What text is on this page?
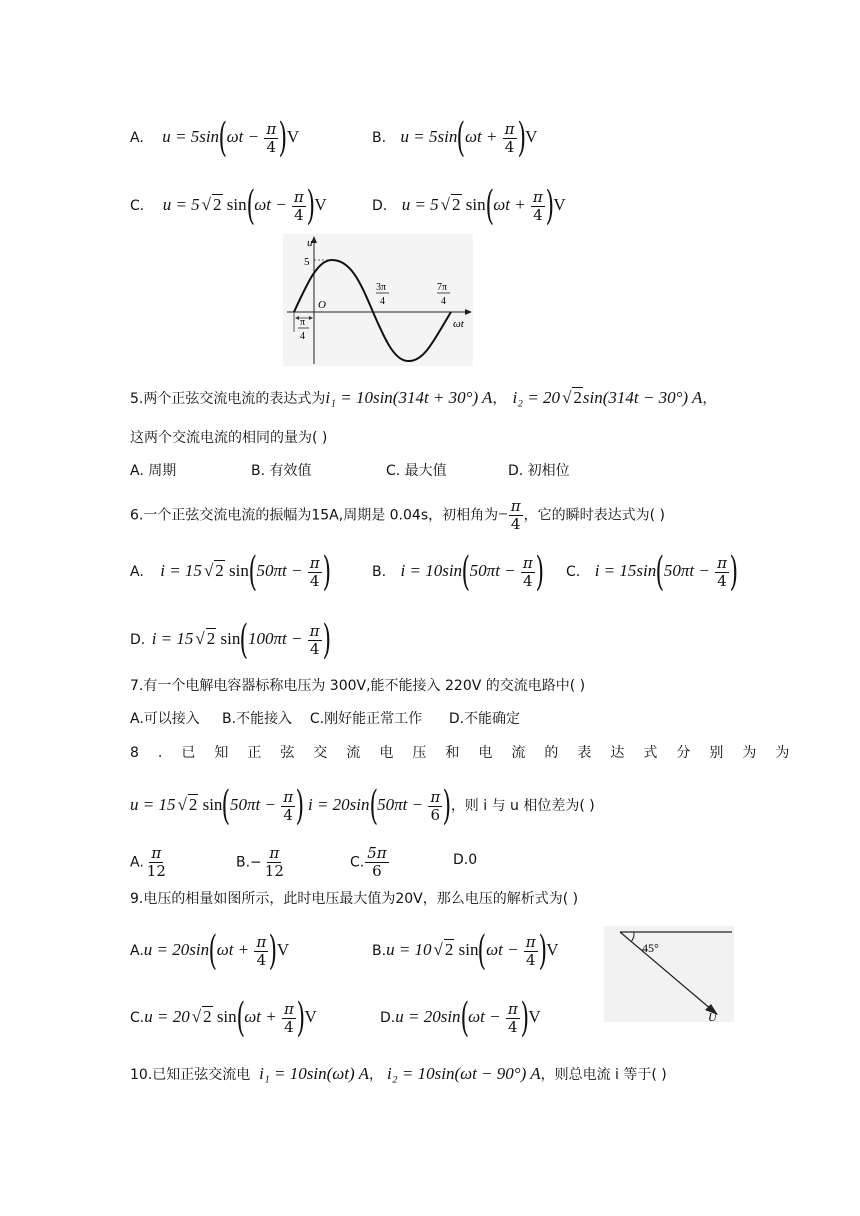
A. $u = 5\sin(\omega t - \frac{\pi}{4} )V$	B. $u = 5\sin(\omega t + \frac{\pi}{4} )V$
C. u = 5 √ 2 $\sin(\omega t - \frac{\pi}{4} )V$	D. u = 5 √ 2 $\sin(\omega t + \frac{\pi}{4} )V$
u
ωt
O
5
3π
4
7π
4
π
4
5.两个正弦交流电流的表达式为i₁ = 10sin(314t + 30°) A， i₂ = 20 √ 2sin(314t − 30°) A，
这两个交流电流的相同的量为( )
A. 周期	B. 有效值	C. 最大值	D. 初相位
6.一个正弦交流电流的振幅为15A,周期是 0.04s，初相角为− $\frac{\pi}{4}$ ，它的瞬时表达式为( )
A. i = 15 √ 2 $\sin(50\pi t - \frac{\pi}{4}$ )	B. $i = 10\sin(50\pi t - \frac{\pi}{4}$ ) C. $i = 15\sin(50\pi t - \frac{\pi}{4}$ )
D. i = 15 √ 2 $\sin(100\pi t - \frac{\pi}{4}$ )
7.有一个电解电容器标称电压为 300V,能不能接入 220V 的交流电路中( )
A.可以接入     B.不能接入    C.刚好能正常工作      D.不能确定
8.已知正弦交流电压和电流的表达式分别为为
u = 15 √ 2 $\sin(50\pi t - \frac{\pi}{4}$ ) $i = 20\sin(50\pi t - \frac{\pi}{6}$ )，则 i 与 u 相位差为( )
A. $\frac{\pi}{12}$	$B.- \frac{\pi}{12}$	C. $\frac{5\pi}{6}$	D.0
9.电压的相量如图所示，此时电压最大值为20V，那么电压的解析式为( )
$A.u = 20\sin(\omega t + \frac{\pi}{4} )V$	B.u = 10 √ 2 $\sin(\omega t - \frac{\pi}{4} )V$
C.u = 20 √ 2 $\sin(\omega t + \frac{\pi}{4} )V$	$D.u = 20\sin(\omega t - \frac{\pi}{4} )V$
45°
U̇
10.已知正弦交流电  i₁ = 10sin(ωt) A， i₂ = 10sin(ωt − 90°) A，则总电流 i 等于( )
